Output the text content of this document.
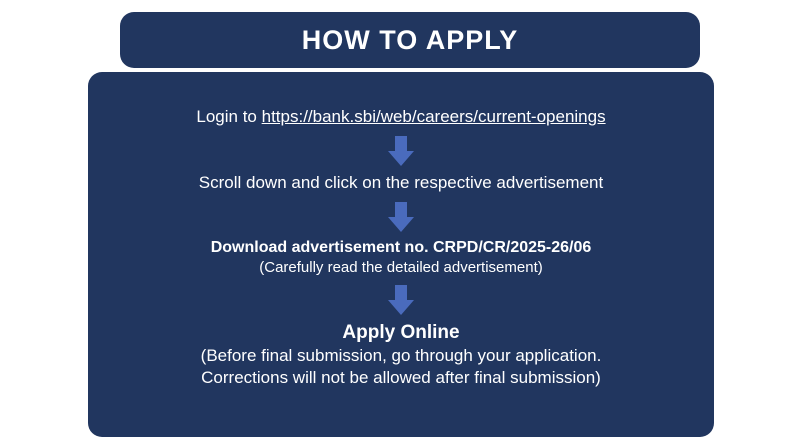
HOW TO APPLY
Login to https://bank.sbi/web/careers/current-openings
Scroll down and click on the respective advertisement
Download advertisement no. CRPD/CR/2025-26/06
(Carefully read the detailed advertisement)
Apply Online
(Before final submission, go through your application.
Corrections will not be allowed after final submission)
